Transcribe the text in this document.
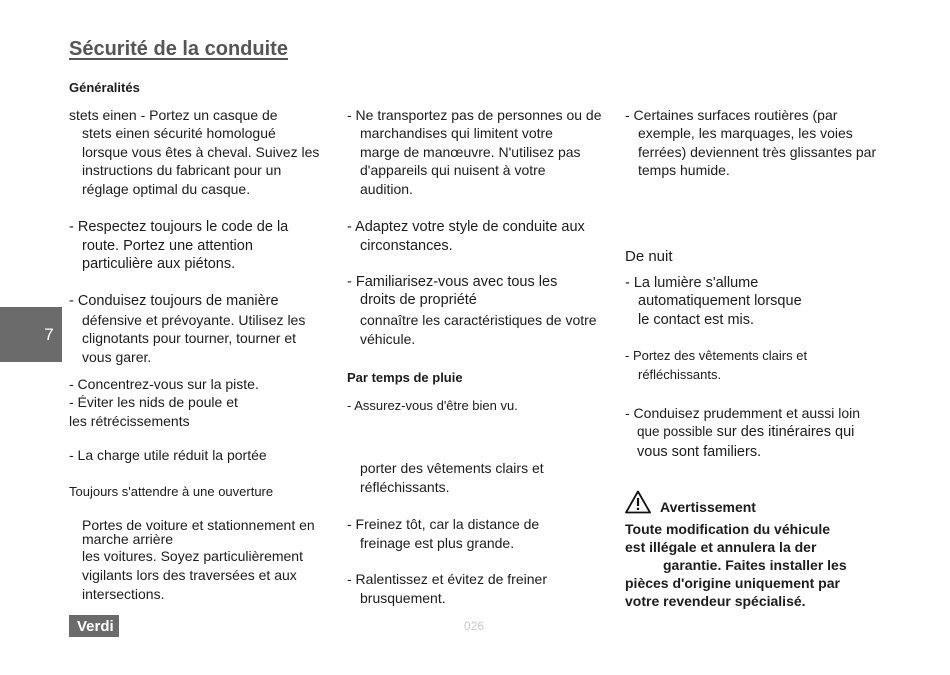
Sécurité de la conduite
Généralités
stets einen - Portez un casque de
stets einen sécurité homologué
lorsque vous êtes à cheval. Suivez les
instructions du fabricant pour un
réglage optimal du casque.
- Respectez toujours le code de la
route. Portez une attention
particulière aux piétons.
- Conduisez toujours de manière
défensive et prévoyante. Utilisez les
clignotants pour tourner, tourner et
vous garer.
- Concentrez-vous sur la piste.
- Éviter les nids de poule et
les rétrécissements
- La charge utile réduit la portée
Toujours s'attendre à une ouverture
Portes de voiture et stationnement en
marche arrière
les voitures. Soyez particulièrement
vigilants lors des traversées et aux
intersections.
- Ne transportez pas de personnes ou de
marchandises qui limitent votre
marge de manœuvre. N'utilisez pas
d'appareils qui nuisent à votre
audition.
- Adaptez votre style de conduite aux
circonstances.
- Familiarisez-vous avec tous les
droits de propriété
connaître les caractéristiques de votre
véhicule.
Par temps de pluie
- Assurez-vous d'être bien vu.
porter des vêtements clairs et
réfléchissants.
- Freinez tôt, car la distance de
freinage est plus grande.
- Ralentissez et évitez de freiner
brusquement.
- Certaines surfaces routières (par
exemple, les marquages, les voies
ferrées) deviennent très glissantes par
temps humide.
De nuit
- La lumière s'allume
automatiquement lorsque
le contact est mis.
- Portez des vêtements clairs et
réfléchissants.
- Conduisez prudemment et aussi loin
que possible sur des itinéraires qui
vous sont familiers.
Avertissement
Toute modification du véhicule
est illégale et annulera la der
garantie. Faites installer les
pièces d'origine uniquement par
votre revendeur spécialisé.
7
Verdi	026
